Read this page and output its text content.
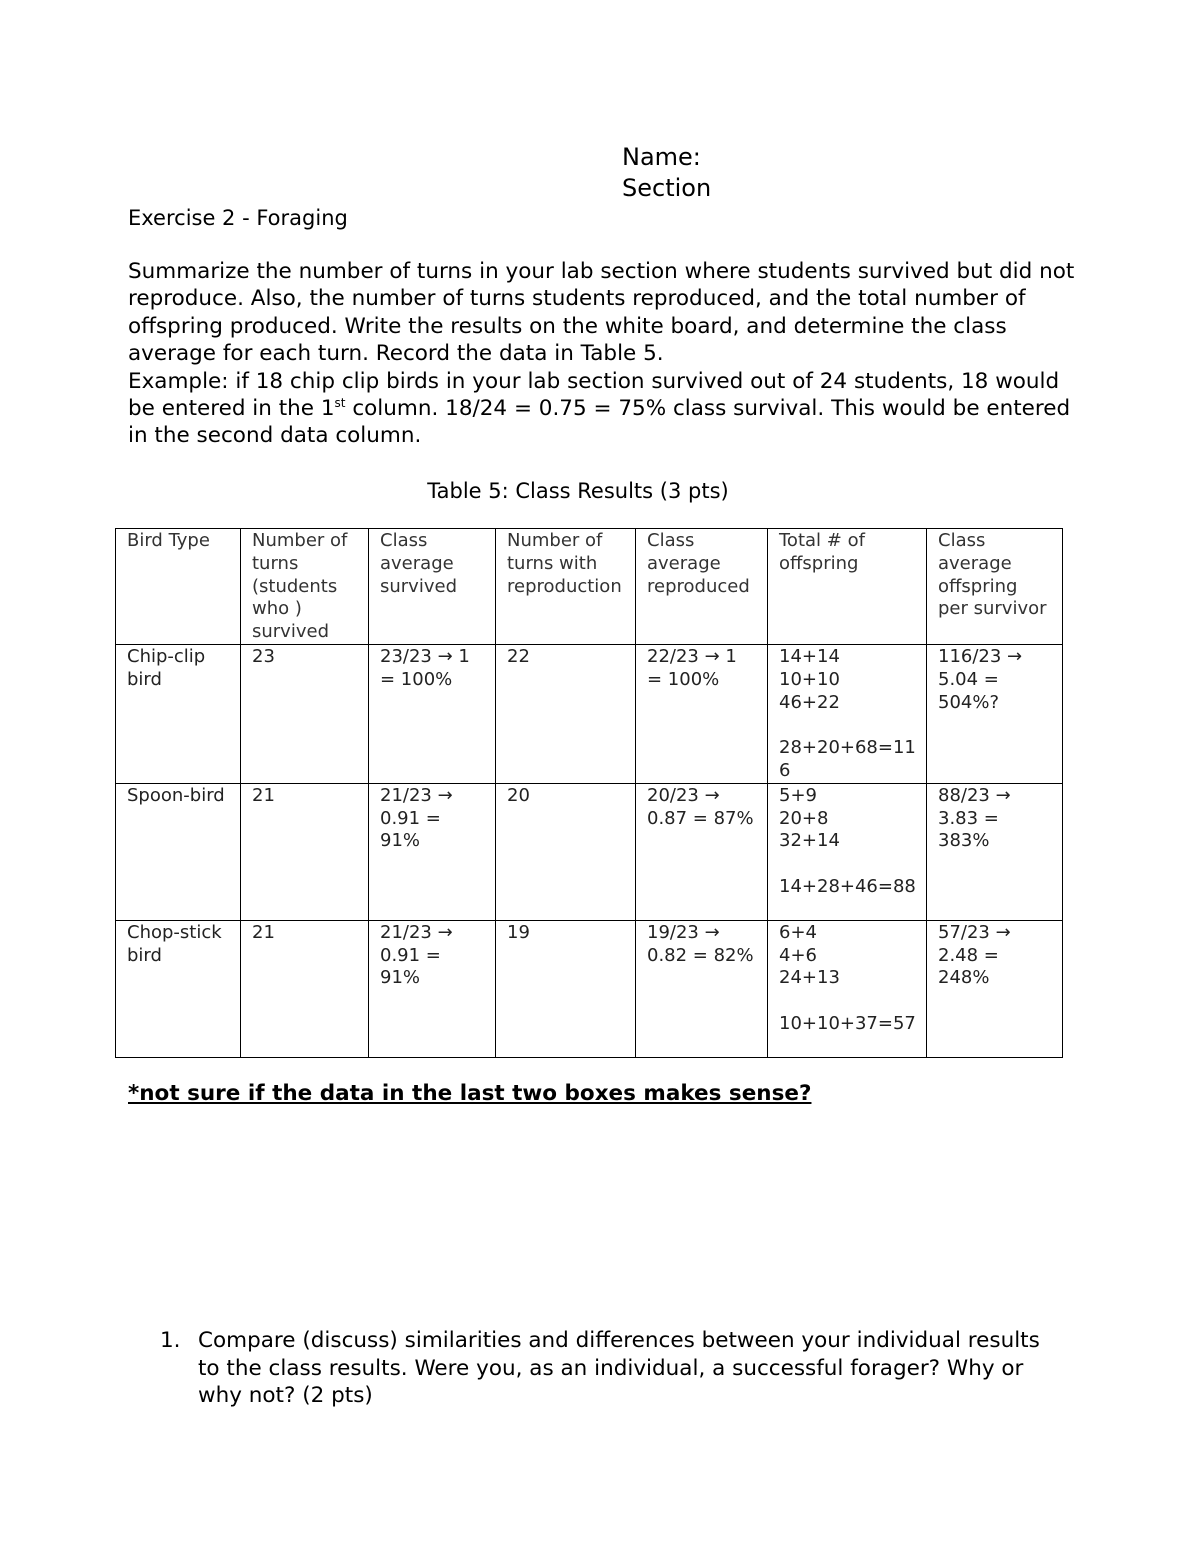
Name:
Section
Exercise 2 - Foraging

Summarize the number of turns in your lab section where students survived but did not reproduce. Also, the number of turns students reproduced, and the total number of offspring produced. Write the results on the white board, and determine the class average for each turn. Record the data in Table 5.

Example: if 18 chip clip birds in your lab section survived out of 24 students, 18 would be entered in the 1st column. 18/24 = 0.75 = 75% class survival. This would be entered in the second data column.

Table 5: Class Results (3 pts)
Bird Type	Number of turns (students who ) survived	Class average survived	Number of turns with reproduction	Class average reproduced	Total # of offspring	Class average offspring per survivor
Chip-clip bird	23	23/23 → 1 = 100%	22	22/23 → 1 = 100%	14+14
10+10
46+22

28+20+68=116	116/23 → 5.04 = 504%?
Spoon-bird	21	21/23 → 0.91 = 91%	20	20/23 → 0.87 = 87%	5+9
20+8
32+14

14+28+46=88	88/23 → 3.83 = 383%
Chop-stick bird	21	21/23 → 0.91 = 91%	19	19/23 → 0.82 = 82%	6+4
4+6
24+13

10+10+37=57	57/23 → 2.48 = 248%
*not sure if the data in the last two boxes makes sense?
1. Compare (discuss) similarities and differences between your individual results to the class results. Were you, as an individual, a successful forager? Why or why not? (2 pts)
